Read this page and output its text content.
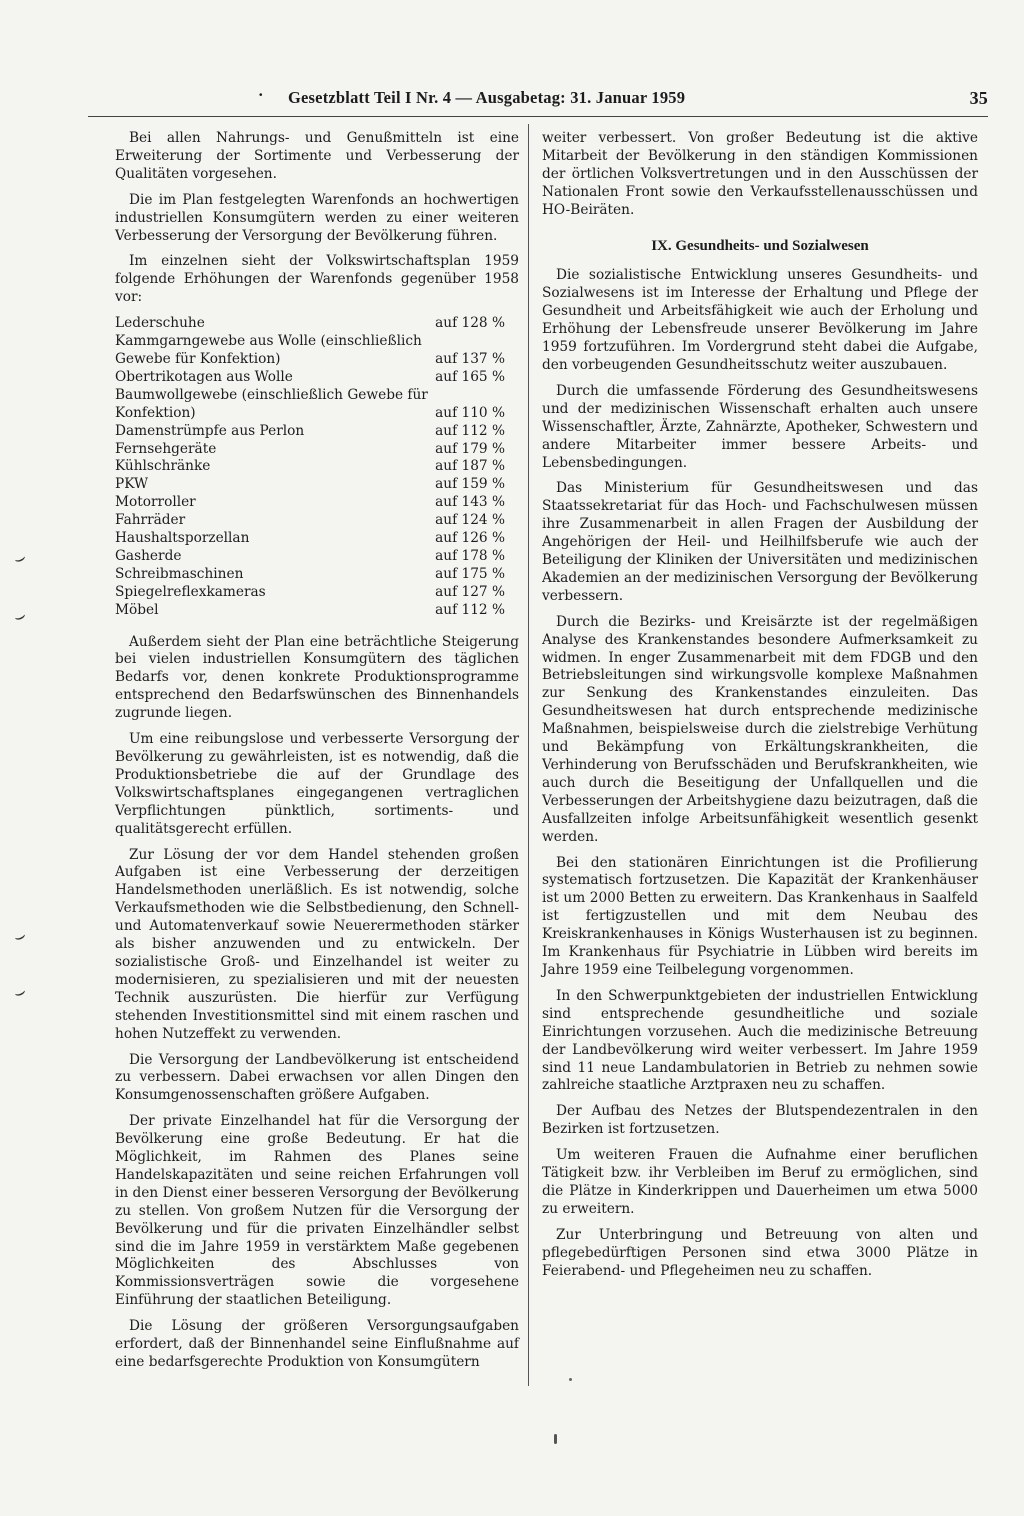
· Gesetzblatt Teil I Nr. 4 — Ausgabetag: 31. Januar 1959	35
⌣
⌣
⌣
⌣

Bei allen Nahrungs- und Genußmitteln ist eine Erweiterung der Sortimente und Verbesserung der Qualitäten vorgesehen.

Die im Plan festgelegten Warenfonds an hochwertigen industriellen Konsumgütern werden zu einer weiteren Verbesserung der Versorgung der Bevölkerung führen.

Im einzelnen sieht der Volkswirtschaftsplan 1959 folgende Erhöhungen der Warenfonds gegenüber 1958 vor:

Lederschuhe	auf 128 %
Kammgarngewebe aus Wolle (einschließlich Gewebe für Konfektion)	auf 137 %
Obertrikotagen aus Wolle	auf 165 %
Baumwollgewebe (einschließlich Gewebe für Konfektion)	auf 110 %
Damenstrümpfe aus Perlon	auf 112 %
Fernsehgeräte	auf 179 %
Kühlschränke	auf 187 %
PKW	auf 159 %
Motorroller	auf 143 %
Fahrräder	auf 124 %
Haushaltsporzellan	auf 126 %
Gasherde	auf 178 %
Schreibmaschinen	auf 175 %
Spiegelreflexkameras	auf 127 %
Möbel	auf 112 %

Außerdem sieht der Plan eine beträchtliche Steigerung bei vielen industriellen Konsumgütern des täglichen Bedarfs vor, denen konkrete Produktionsprogramme entsprechend den Bedarfswünschen des Binnenhandels zugrunde liegen.

Um eine reibungslose und verbesserte Versorgung der Bevölkerung zu gewährleisten, ist es notwendig, daß die Produktionsbetriebe die auf der Grundlage des Volkswirtschaftsplanes eingegangenen vertraglichen Verpflichtungen pünktlich, sortiments- und qualitätsgerecht erfüllen.

Zur Lösung der vor dem Handel stehenden großen Aufgaben ist eine Verbesserung der derzeitigen Handelsmethoden unerläßlich. Es ist notwendig, solche Verkaufsmethoden wie die Selbstbedienung, den Schnell- und Automatenverkauf sowie Neuerermethoden stärker als bisher anzuwenden und zu entwickeln. Der sozialistische Groß- und Einzelhandel ist weiter zu modernisieren, zu spezialisieren und mit der neuesten Technik auszurüsten. Die hierfür zur Verfügung stehenden Investitionsmittel sind mit einem raschen und hohen Nutzeffekt zu verwenden.

Die Versorgung der Landbevölkerung ist entscheidend zu verbessern. Dabei erwachsen vor allen Dingen den Konsumgenossenschaften größere Aufgaben.

Der private Einzelhandel hat für die Versorgung der Bevölkerung eine große Bedeutung. Er hat die Möglichkeit, im Rahmen des Planes seine Handelskapazitäten und seine reichen Erfahrungen voll in den Dienst einer besseren Versorgung der Bevölkerung zu stellen. Von großem Nutzen für die Versorgung der Bevölkerung und für die privaten Einzelhändler selbst sind die im Jahre 1959 in verstärktem Maße gegebenen Möglichkeiten des Abschlusses von Kommissionsverträgen sowie die vorgesehene Einführung der staatlichen Beteiligung.

Die Lösung der größeren Versorgungsaufgaben erfordert, daß der Binnenhandel seine Einflußnahme auf eine bedarfsgerechte Produktion von Konsumgütern

weiter verbessert. Von großer Bedeutung ist die aktive Mitarbeit der Bevölkerung in den ständigen Kommissionen der örtlichen Volksvertretungen und in den Ausschüssen der Nationalen Front sowie den Verkaufsstellenausschüssen und HO-Beiräten.

IX. Gesundheits- und Sozialwesen

Die sozialistische Entwicklung unseres Gesundheits- und Sozialwesens ist im Interesse der Erhaltung und Pflege der Gesundheit und Arbeitsfähigkeit wie auch der Erholung und Erhöhung der Lebensfreude unserer Bevölkerung im Jahre 1959 fortzuführen. Im Vordergrund steht dabei die Aufgabe, den vorbeugenden Gesundheitsschutz weiter auszubauen.

Durch die umfassende Förderung des Gesundheitswesens und der medizinischen Wissenschaft erhalten auch unsere Wissenschaftler, Ärzte, Zahnärzte, Apotheker, Schwestern und andere Mitarbeiter immer bessere Arbeits- und Lebensbedingungen.

Das Ministerium für Gesundheitswesen und das Staatssekretariat für das Hoch- und Fachschulwesen müssen ihre Zusammenarbeit in allen Fragen der Ausbildung der Angehörigen der Heil- und Heilhilfsberufe wie auch der Beteiligung der Kliniken der Universitäten und medizinischen Akademien an der medizinischen Versorgung der Bevölkerung verbessern.

Durch die Bezirks- und Kreisärzte ist der regelmäßigen Analyse des Krankenstandes besondere Aufmerksamkeit zu widmen. In enger Zusammenarbeit mit dem FDGB und den Betriebsleitungen sind wirkungsvolle komplexe Maßnahmen zur Senkung des Krankenstandes einzuleiten. Das Gesundheitswesen hat durch entsprechende medizinische Maßnahmen, beispielsweise durch die zielstrebige Verhütung und Bekämpfung von Erkältungskrankheiten, die Verhinderung von Berufsschäden und Berufskrankheiten, wie auch durch die Beseitigung der Unfallquellen und die Verbesserungen der Arbeitshygiene dazu beizutragen, daß die Ausfallzeiten infolge Arbeitsunfähigkeit wesentlich gesenkt werden.

Bei den stationären Einrichtungen ist die Profilierung systematisch fortzusetzen. Die Kapazität der Krankenhäuser ist um 2000 Betten zu erweitern. Das Krankenhaus in Saalfeld ist fertigzustellen und mit dem Neubau des Kreiskrankenhauses in Königs Wusterhausen ist zu beginnen. Im Krankenhaus für Psychiatrie in Lübben wird bereits im Jahre 1959 eine Teilbelegung vorgenommen.

In den Schwerpunktgebieten der industriellen Entwicklung sind entsprechende gesundheitliche und soziale Einrichtungen vorzusehen. Auch die medizinische Betreuung der Landbevölkerung wird weiter verbessert. Im Jahre 1959 sind 11 neue Landambulatorien in Betrieb zu nehmen sowie zahlreiche staatliche Arztpraxen neu zu schaffen.

Der Aufbau des Netzes der Blutspendezentralen in den Bezirken ist fortzusetzen.

Um weiteren Frauen die Aufnahme einer beruflichen Tätigkeit bzw. ihr Verbleiben im Beruf zu ermöglichen, sind die Plätze in Kinderkrippen und Dauerheimen um etwa 5000 zu erweitern.

Zur Unterbringung und Betreuung von alten und pflegebedürftigen Personen sind etwa 3000 Plätze in Feierabend- und Pflegeheimen neu zu schaffen.
